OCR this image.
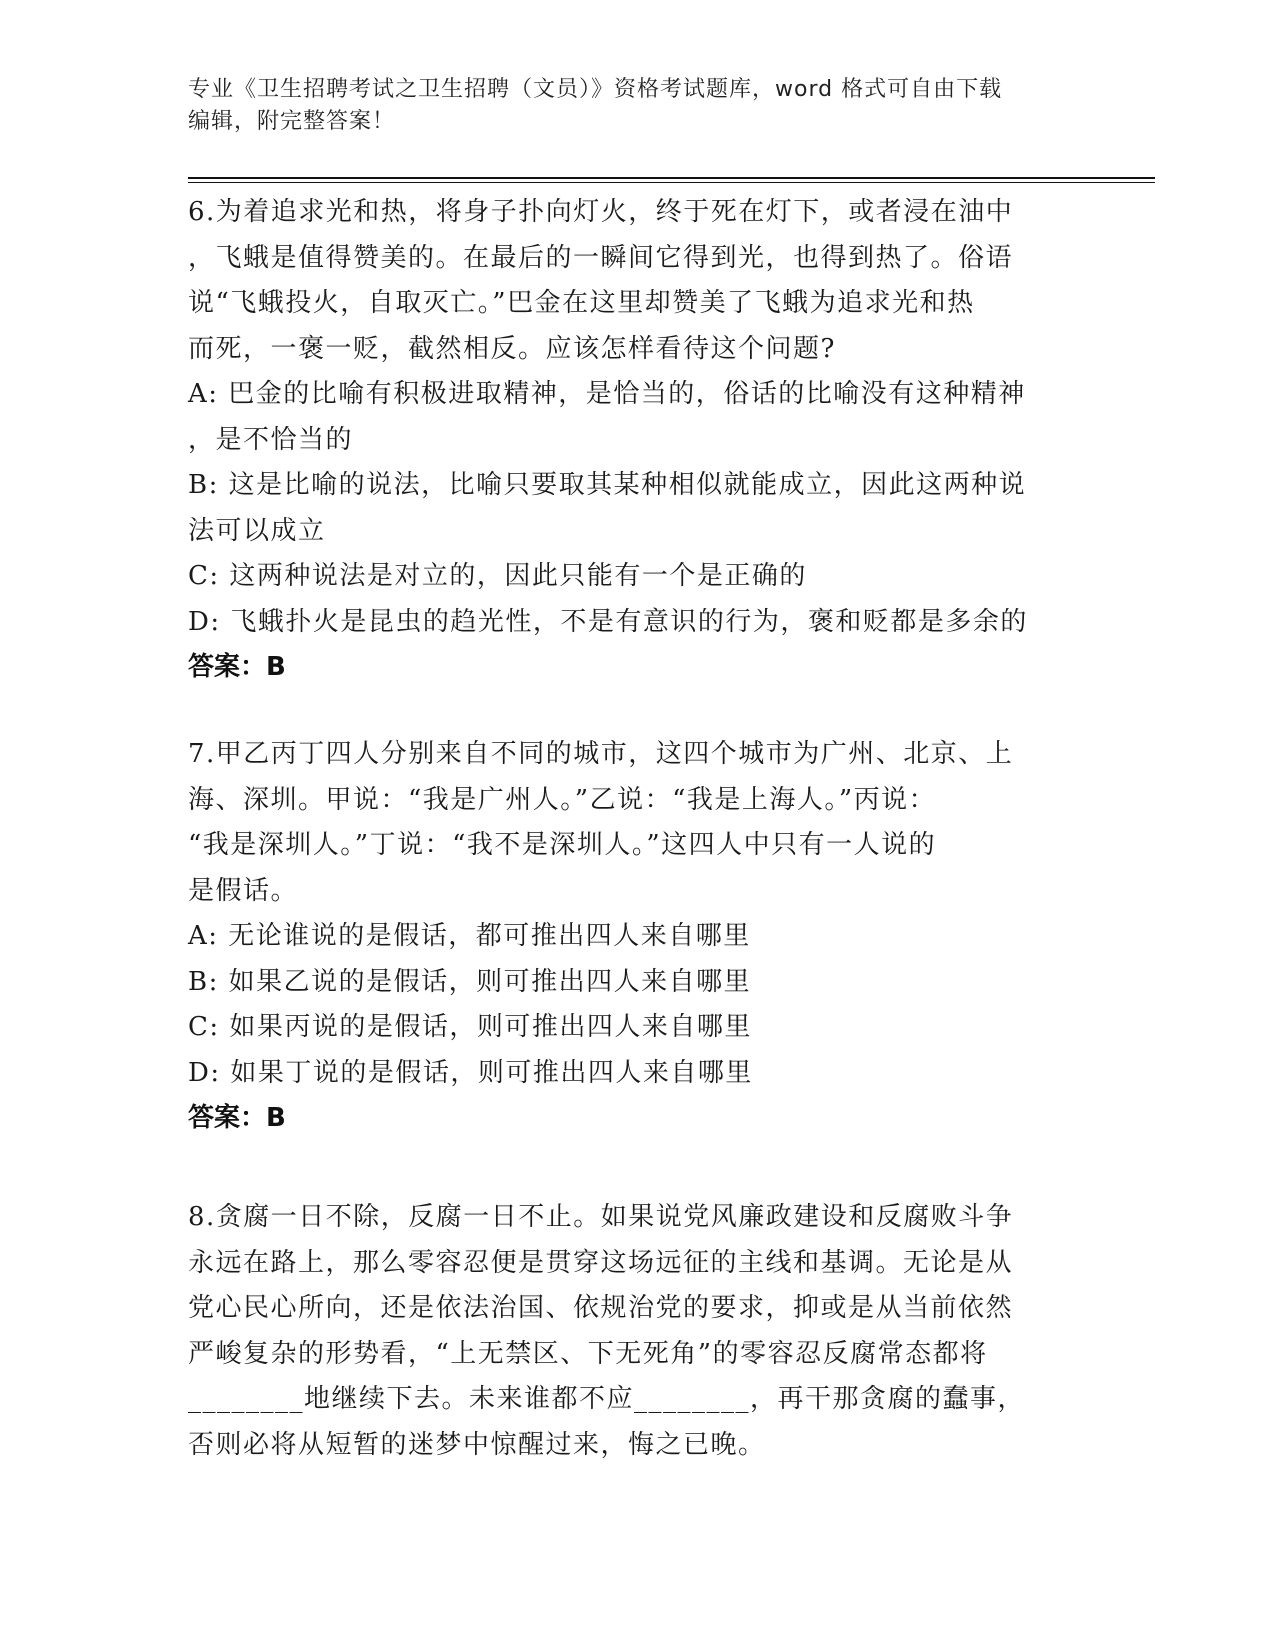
专业《卫生招聘考试之卫生招聘（文员）》资格考试题库，word 格式可自由下载
编辑，附完整答案！
6.为着追求光和热，将身子扑向灯火，终于死在灯下，或者浸在油中
，飞蛾是值得赞美的。在最后的一瞬间它得到光，也得到热了。俗语
说“飞蛾投火，自取灭亡。”巴金在这里却赞美了飞蛾为追求光和热
而死，一褒一贬，截然相反。应该怎样看待这个问题?
A: 巴金的比喻有积极进取精神，是恰当的，俗话的比喻没有这种精神
，是不恰当的
B: 这是比喻的说法，比喻只要取其某种相似就能成立，因此这两种说
法可以成立
C: 这两种说法是对立的，因此只能有一个是正确的
D: 飞蛾扑火是昆虫的趋光性，不是有意识的行为，褒和贬都是多余的
答案：B
7.甲乙丙丁四人分别来自不同的城市，这四个城市为广州、北京、上
海、深圳。甲说：“我是广州人。”乙说：“我是上海人。”丙说：
“我是深圳人。”丁说：“我不是深圳人。”这四人中只有一人说的
是假话。
A: 无论谁说的是假话，都可推出四人来自哪里
B: 如果乙说的是假话，则可推出四人来自哪里
C: 如果丙说的是假话，则可推出四人来自哪里
D: 如果丁说的是假话，则可推出四人来自哪里
答案：B
8.贪腐一日不除，反腐一日不止。如果说党风廉政建设和反腐败斗争
永远在路上，那么零容忍便是贯穿这场远征的主线和基调。无论是从
党心民心所向，还是依法治国、依规治党的要求，抑或是从当前依然
严峻复杂的形势看，“上无禁区、下无死角”的零容忍反腐常态都将
________地继续下去。未来谁都不应________，再干那贪腐的蠢事，
否则必将从短暂的迷梦中惊醒过来，悔之已晚。
